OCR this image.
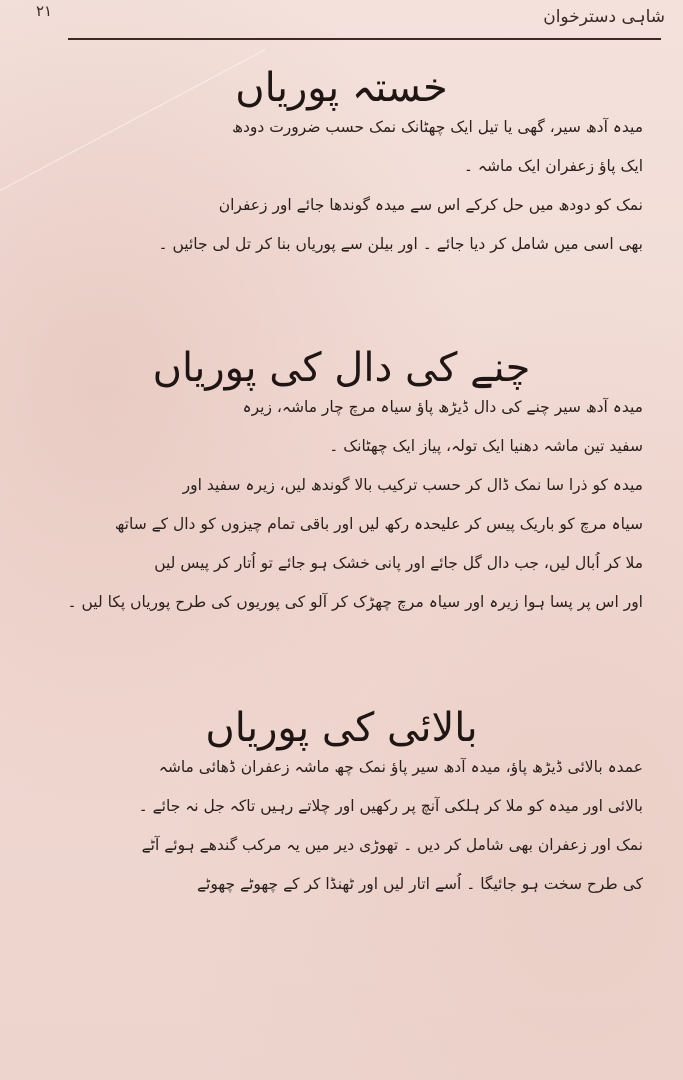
شاہی دسترخوان
۲۱
خستہ پوریاں

میدہ آدھ سیر، گھی یا تیل ایک چھٹانک نمک حسب ضرورت دودھ

ایک پاؤ زعفران ایک ماشہ ۔

نمک کو دودھ میں حل کرکے اس سے میدہ گوندھا جائے اور زعفران

بھی اسی میں شامل کر دیا جائے ۔ اور بیلن سے پوریاں بنا کر تل لی جائیں ۔

چنے کی دال کی پوریاں

میدہ آدھ سیر چنے کی دال ڈیڑھ پاؤ سیاہ مرچ چار ماشہ، زیرہ

سفید تین ماشہ دھنیا ایک تولہ، پیاز ایک چھٹانک ۔

میدہ کو ذرا سا نمک ڈال کر حسب ترکیب بالا گوندھ لیں، زیرہ سفید اور

سیاہ مرچ کو باریک پیس کر علیحدہ رکھ لیں اور باقی تمام چیزوں کو دال کے ساتھ

ملا کر اُبال لیں، جب دال گل جائے اور پانی خشک ہو جائے تو اُتار کر پیس لیں

اور اس پر پسا ہوا زیرہ اور سیاہ مرچ چھڑک کر آلو کی پوریوں کی طرح پوریاں پکا لیں ۔

بالائی کی پوریاں

عمدہ بالائی ڈیڑھ پاؤ، میدہ آدھ سیر پاؤ نمک چھ ماشہ زعفران ڈھائی ماشہ

بالائی اور میدہ کو ملا کر ہلکی آنچ پر رکھیں اور چلاتے رہیں تاکہ جل نہ جائے ۔

نمک اور زعفران بھی شامل کر دیں ۔ تھوڑی دیر میں یہ مرکب گندھے ہوئے آٹے

کی طرح سخت ہو جائیگا ۔ اُسے اتار لیں اور ٹھنڈا کر کے چھوٹے چھوٹے
